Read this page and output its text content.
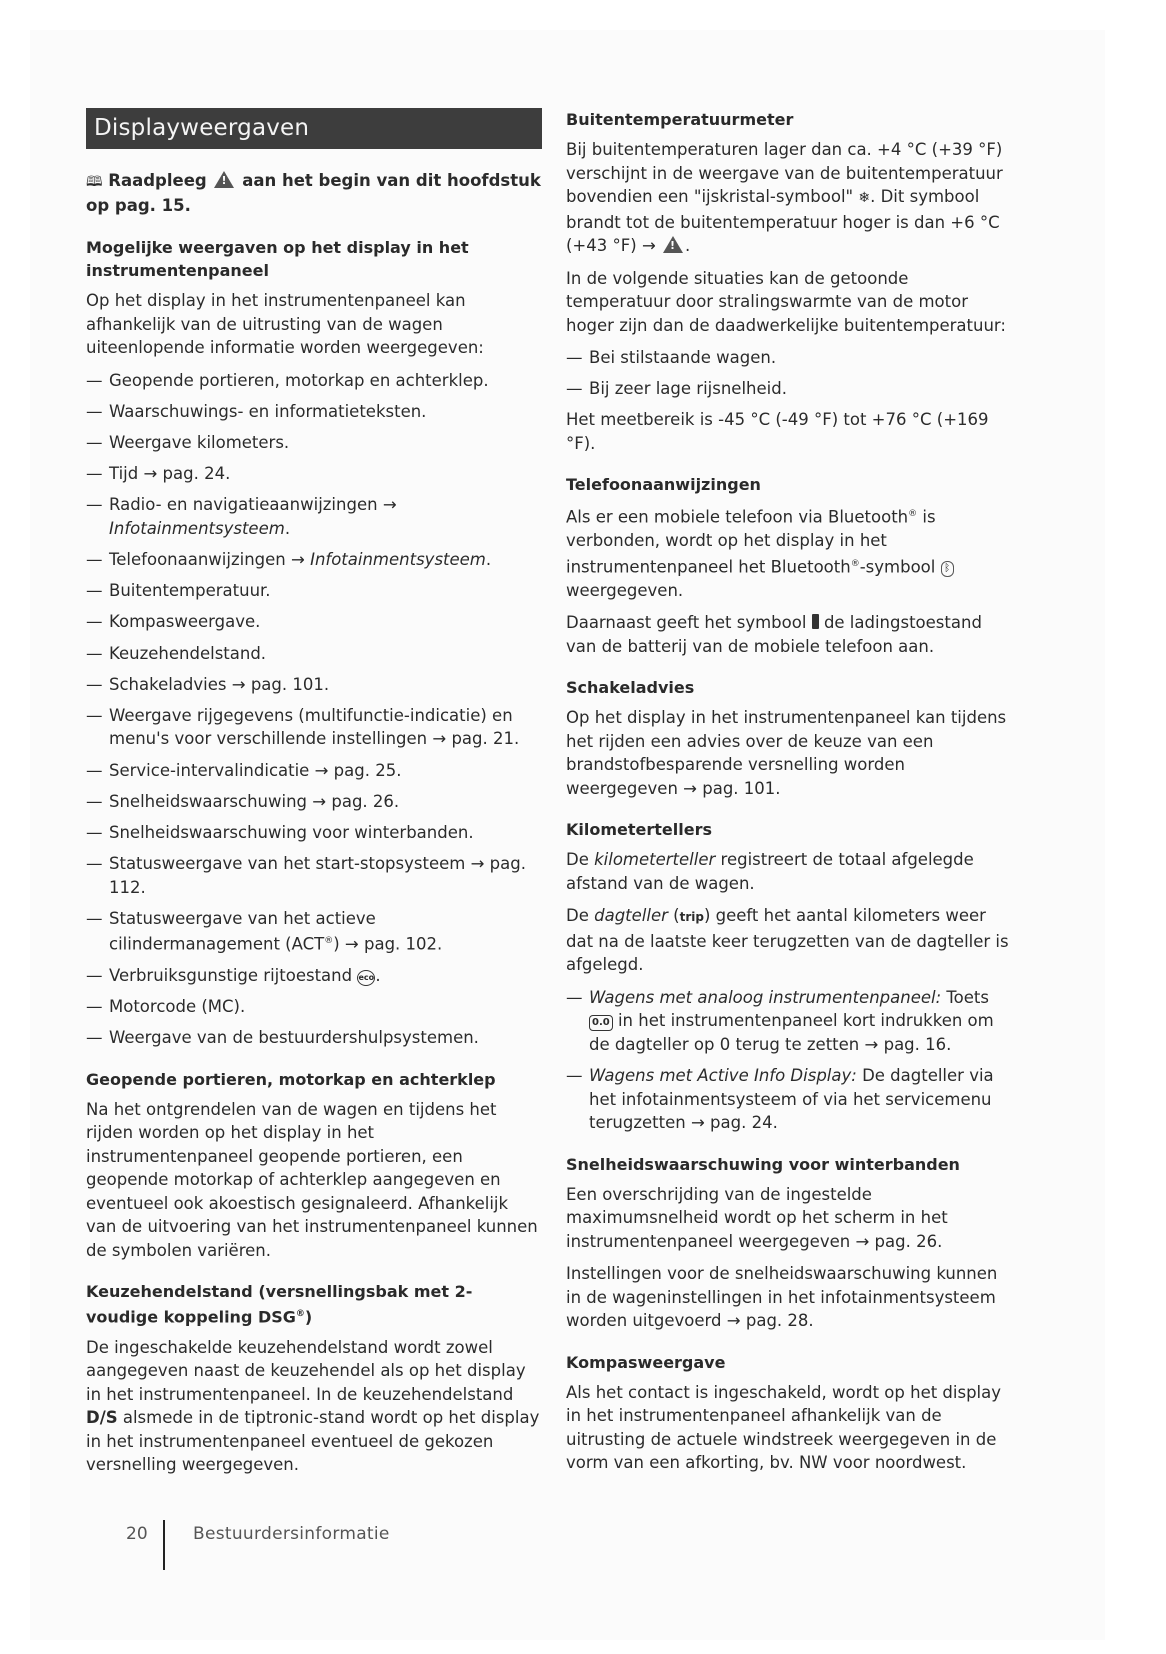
Displayweergaven
🕮 Raadpleeg ! aan het begin van dit hoofdstuk op pag. 15.
Mogelijke weergaven op het display in het instrumentenpaneel

Op het display in het instrumentenpaneel kan afhankelijk van de uitrusting van de wagen uiteenlopende informatie worden weergegeven:

— Geopende portieren, motorkap en achterklep.
— Waarschuwings- en informatieteksten.
— Weergave kilometers.
— Tijd → pag. 24.
— Radio- en navigatieaanwijzingen → Infotainmentsysteem.
— Telefoonaanwijzingen → Infotainmentsysteem.
— Buitentemperatuur.
— Kompasweergave.
— Keuzehendelstand.
— Schakeladvies → pag. 101.
— Weergave rijgegevens (multifunctie-indicatie) en menu's voor verschillende instellingen → pag. 21.
— Service-intervalindicatie → pag. 25.
— Snelheidswaarschuwing → pag. 26.
— Snelheidswaarschuwing voor winterbanden.
— Statusweergave van het start-stopsysteem → pag. 112.
— Statusweergave van het actieve cilindermanagement (ACT®) → pag. 102.
— Verbruiksgunstige rijtoestand eco.
— Motorcode (MC).
— Weergave van de bestuurdershulpsystemen.
Geopende portieren, motorkap en achterklep

Na het ontgrendelen van de wagen en tijdens het rijden worden op het display in het instrumentenpaneel geopende portieren, een geopende motorkap of achterklep aangegeven en eventueel ook akoestisch gesignaleerd. Afhankelijk van de uitvoering van het instrumentenpaneel kunnen de symbolen variëren.

Keuzehendelstand (versnellingsbak met 2-voudige koppeling DSG®)

De ingeschakelde keuzehendelstand wordt zowel aangegeven naast de keuzehendel als op het display in het instrumentenpaneel. In de keuzehendelstand D/S alsmede in de tiptronic-stand wordt op het display in het instrumentenpaneel eventueel de gekozen versnelling weergegeven.

Buitentemperatuurmeter

Bij buitentemperaturen lager dan ca. +4 °C (+39 °F) verschijnt in de weergave van de buitentemperatuur bovendien een "ijskristal-symbool" ❄. Dit symbool brandt tot de buitentemperatuur hoger is dan +6 °C (+43 °F) → ! .

In de volgende situaties kan de getoonde temperatuur door stralingswarmte van de motor hoger zijn dan de daadwerkelijke buitentemperatuur:

— Bei stilstaande wagen.
— Bij zeer lage rijsnelheid.

Het meetbereik is -45 °C (-49 °F) tot +76 °C (+169 °F).

Telefoonaanwijzingen

Als er een mobiele telefoon via Bluetooth® is verbonden, wordt op het display in het instrumentenpaneel het Bluetooth®-symbool ᛒ weergegeven.

Daarnaast geeft het symbool de ladingstoestand van de batterij van de mobiele telefoon aan.

Schakeladvies

Op het display in het instrumentenpaneel kan tijdens het rijden een advies over de keuze van een brandstofbesparende versnelling worden weergegeven → pag. 101.

Kilometertellers

De kilometerteller registreert de totaal afgelegde afstand van de wagen.

De dagteller (trip) geeft het aantal kilometers weer dat na de laatste keer terugzetten van de dagteller is afgelegd.

— Wagens met analoog instrumentenpaneel: Toets 0.0 in het instrumentenpaneel kort indrukken om de dagteller op 0 terug te zetten → pag. 16.
— Wagens met Active Info Display: De dagteller via het infotainmentsysteem of via het servicemenu terugzetten → pag. 24.
Snelheidswaarschuwing voor winterbanden

Een overschrijding van de ingestelde maximumsnelheid wordt op het scherm in het instrumentenpaneel weergegeven → pag. 26.

Instellingen voor de snelheidswaarschuwing kunnen in de wageninstellingen in het infotainmentsysteem worden uitgevoerd → pag. 28.

Kompasweergave

Als het contact is ingeschakeld, wordt op het display in het instrumentenpaneel afhankelijk van de uitrusting de actuele windstreek weergegeven in de vorm van een afkorting, bv. NW voor noordwest.

20	Bestuurdersinformatie
